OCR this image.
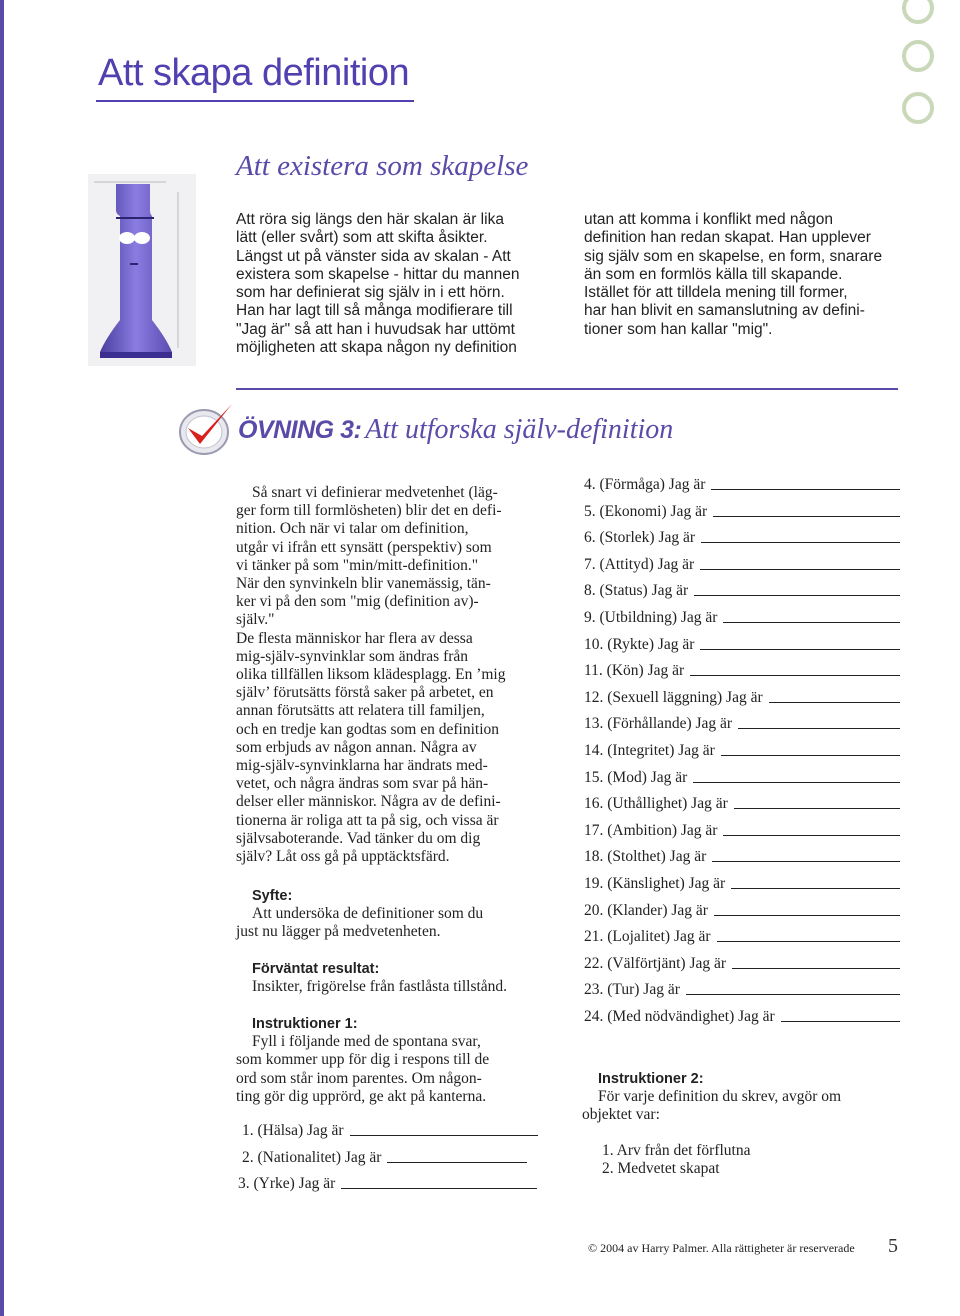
Att skapa definition
Att existera som skapelse
Att röra sig längs den här skalan är lika
lätt (eller svårt) som att skifta åsikter.
Längst ut på vänster sida av skalan - Att
existera som skapelse - hittar du mannen
som har definierat sig själv in i ett hörn.
Han har lagt till så många modifierare till
"Jag är" så att han i huvudsak har uttömt
möjligheten att skapa någon ny definition
utan att komma i konflikt med någon
definition han redan skapat. Han upplever
sig själv som en skapelse, en form, snarare
än som en formlös källa till skapande.
Istället för att tilldela mening till former,
har han blivit en samanslutning av defini-
tioner som han kallar "mig".
ÖVNING 3: Att utforska själv-definition
Så snart vi definierar medvetenhet (läg-
ger form till formlösheten) blir det en defi-
nition. Och när vi talar om definition,
utgår vi ifrån ett synsätt (perspektiv) som
vi tänker på som "min/mitt-definition."
När den synvinkeln blir vanemässig, tän-
ker vi på den som "mig (definition av)-
själv."
De flesta människor har flera av dessa
mig-själv-synvinklar som ändras från
olika tillfällen liksom klädesplagg. En ’mig
själv’ förutsätts förstå saker på arbetet, en
annan förutsätts att relatera till familjen,
och en tredje kan godtas som en definition
som erbjuds av någon annan. Några av
mig-själv-synvinklarna har ändrats med-
vetet, och några ändras som svar på hän-
delser eller människor. Några av de defini-
tionerna är roliga att ta på sig, och vissa är
självsaboterande. Vad tänker du om dig
själv? Låt oss gå på upptäcktsfärd.
Syfte:
Att undersöka de definitioner som du
just nu lägger på medvetenheten.
Förväntat resultat:
Insikter, frigörelse från fastlåsta tillstånd.
Instruktioner 1:
Fyll i följande med de spontana svar,
som kommer upp för dig i respons till de
ord som står inom parentes. Om någon-
ting gör dig upprörd, ge akt på kanterna.
1. (Hälsa) Jag är
2. (Nationalitet) Jag är
3. (Yrke) Jag är
4. (Förmåga) Jag är
5. (Ekonomi) Jag är
6. (Storlek) Jag är
7. (Attityd) Jag är
8. (Status) Jag är
9. (Utbildning) Jag är
10. (Rykte) Jag är
11. (Kön) Jag är
12. (Sexuell läggning) Jag är
13. (Förhållande) Jag är
14. (Integritet) Jag är
15. (Mod) Jag är
16. (Uthållighet) Jag är
17. (Ambition) Jag är
18. (Stolthet) Jag är
19. (Känslighet) Jag är
20. (Klander) Jag är
21. (Lojalitet) Jag är
22. (Välförtjänt) Jag är
23. (Tur) Jag är
24. (Med nödvändighet) Jag är
Instruktioner 2:
För varje definition du skrev, avgör om
objektet var:
1. Arv från det förflutna
2. Medvetet skapat
© 2004 av Harry Palmer. Alla rättigheter är reserverade 5
